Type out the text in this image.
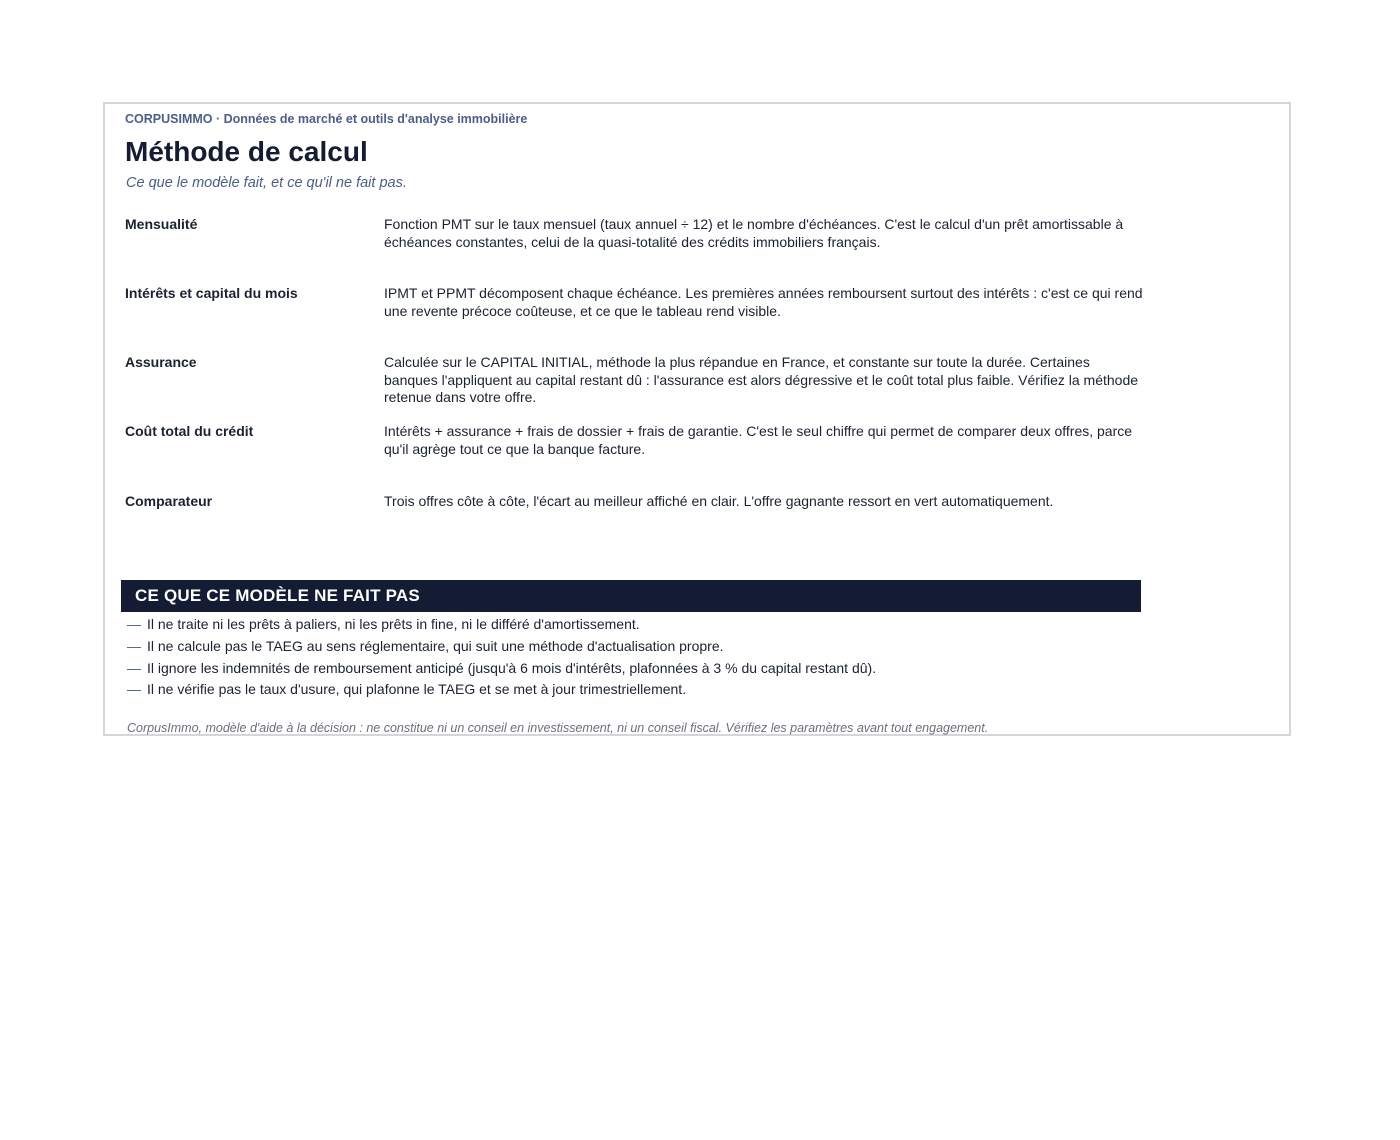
CORPUSIMMO · Données de marché et outils d'analyse immobilière
Méthode de calcul
Ce que le modèle fait, et ce qu'il ne fait pas.
Mensualité	Fonction PMT sur le taux mensuel (taux annuel ÷ 12) et le nombre d'échéances. C'est le calcul d'un prêt amortissable à échéances constantes, celui de la quasi-totalité des crédits immobiliers français.
Intérêts et capital du mois	IPMT et PPMT décomposent chaque échéance. Les premières années remboursent surtout des intérêts : c'est ce qui rend une revente précoce coûteuse, et ce que le tableau rend visible.
Assurance	Calculée sur le CAPITAL INITIAL, méthode la plus répandue en France, et constante sur toute la durée. Certaines banques l'appliquent au capital restant dû : l'assurance est alors dégressive et le coût total plus faible. Vérifiez la méthode retenue dans votre offre.
Coût total du crédit	Intérêts + assurance + frais de dossier + frais de garantie. C'est le seul chiffre qui permet de comparer deux offres, parce qu'il agrège tout ce que la banque facture.
Comparateur	Trois offres côte à côte, l'écart au meilleur affiché en clair. L'offre gagnante ressort en vert automatiquement.
CE QUE CE MODÈLE NE FAIT PAS
— Il ne traite ni les prêts à paliers, ni les prêts in fine, ni le différé d'amortissement.
— Il ne calcule pas le TAEG au sens réglementaire, qui suit une méthode d'actualisation propre.
— Il ignore les indemnités de remboursement anticipé (jusqu'à 6 mois d'intérêts, plafonnées à 3 % du capital restant dû).
— Il ne vérifie pas le taux d'usure, qui plafonne le TAEG et se met à jour trimestriellement.
CorpusImmo, modèle d'aide à la décision : ne constitue ni un conseil en investissement, ni un conseil fiscal. Vérifiez les paramètres avant tout engagement.
